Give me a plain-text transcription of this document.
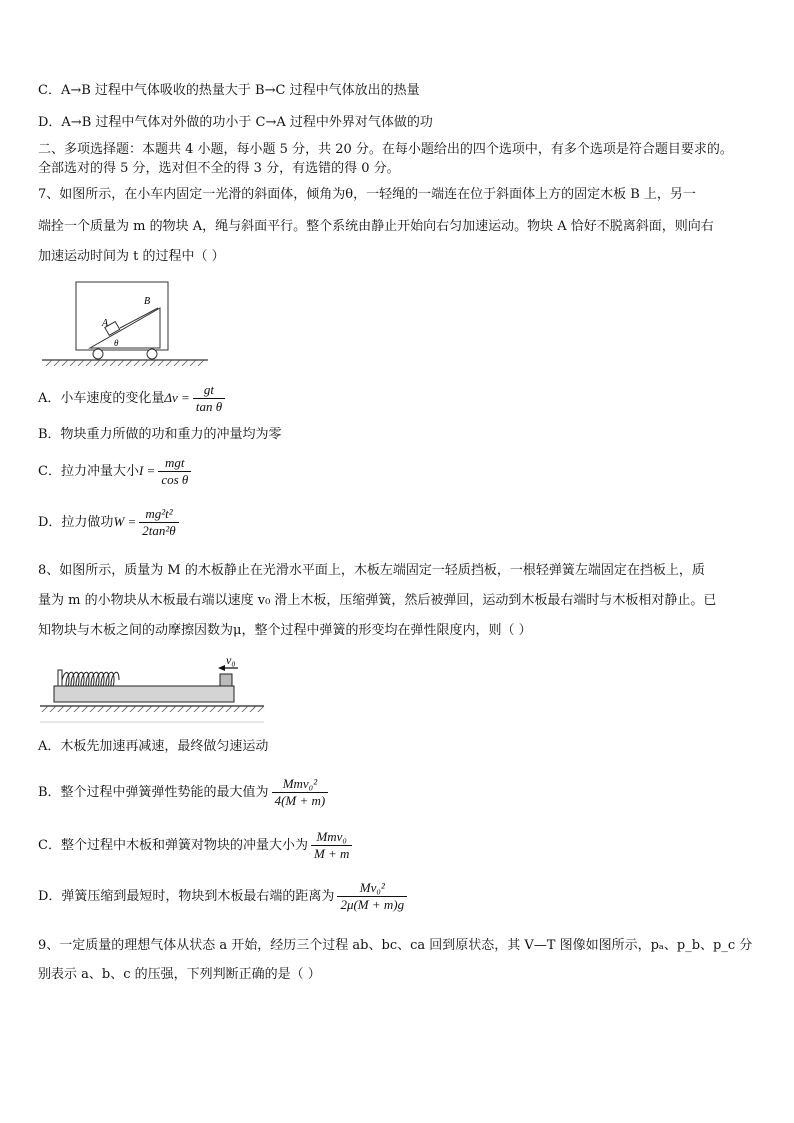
C．A→B 过程中气体吸收的热量大于 B→C 过程中气体放出的热量
D．A→B 过程中气体对外做的功小于 C→A 过程中外界对气体做的功
二、多项选择题：本题共 4 小题，每小题 5 分，共 20 分。在每小题给出的四个选项中，有多个选项是符合题目要求的。
全部选对的得 5 分，选对但不全的得 3 分，有选错的得 0 分。
7、如图所示，在小车内固定一光滑的斜面体，倾角为θ，一轻绳的一端连在位于斜面体上方的固定木板 B 上，另一
端拴一个质量为 m 的物块 A，绳与斜面平行。整个系统由静止开始向右匀加速运动。物块 A 恰好不脱离斜面，则向右
加速运动时间为 t 的过程中（ ）
A
B
θ
A．小车速度的变化量$\Delta v = \frac{gt}{\text{tan θ}}$
B．物块重力所做的功和重力的冲量均为零
C．拉力冲量大小$I = \frac{\text{mgt}}{\text{cos θ}}$
D．拉力做功$W = \frac{\text{mg²t²}}{\text{2tan²θ}}$
8、如图所示，质量为 M 的木板静止在光滑水平面上，木板左端固定一轻质挡板，一根轻弹簧左端固定在挡板上，质
量为 m 的小物块从木板最右端以速度 v₀ 滑上木板，压缩弹簧，然后被弹回，运动到木板最右端时与木板相对静止。已
知物块与木板之间的动摩擦因数为μ，整个过程中弹簧的形变均在弹性限度内，则（ ）
v₀
A．木板先加速再减速，最终做匀速运动
B．整个过程中弹簧弹性势能的最大值为 $\frac{\text{Mmv₀²}}{4(M + m)}$
C．整个过程中木板和弹簧对物块的冲量大小为 $\frac{\text{Mmv₀}}{M + m}$
D．弹簧压缩到最短时，物块到木板最右端的距离为 $\frac{\text{Mv₀²}}{2\mu(M + m)g}$
9、一定质量的理想气体从状态 a 开始，经历三个过程 ab、bc、ca 回到原状态，其 V—T 图像如图所示，pₐ、p_b、p_c 分
别表示 a、b、c 的压强，下列判断正确的是（ ）
